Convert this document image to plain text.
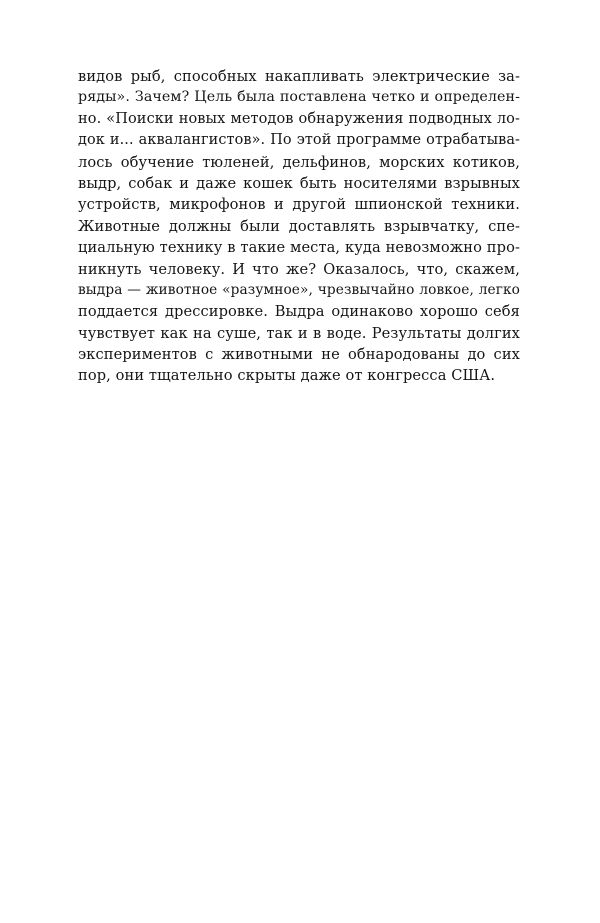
видов рыб, способных накапливать электрические за-
ряды». Зачем? Цель была поставлена четко и определен-
но. «Поиски новых методов обнаружения подводных ло-
док и... аквалангистов». По этой программе отрабатыва-
лось обучение тюленей, дельфинов, морских котиков,
выдр, собак и даже кошек быть носителями взрывных
устройств, микрофонов и другой шпионской техники.
Животные должны были доставлять взрывчатку, спе-
циальную технику в такие места, куда невозможно про-
никнуть человеку. И что же? Оказалось, что, скажем,
выдра — животное «разумное», чрезвычайно ловкое, легко
поддается дрессировке. Выдра одинаково хорошо себя
чувствует как на суше, так и в воде. Результаты долгих
экспериментов с животными не обнародованы до сих
пор, они тщательно скрыты даже от конгресса США.
